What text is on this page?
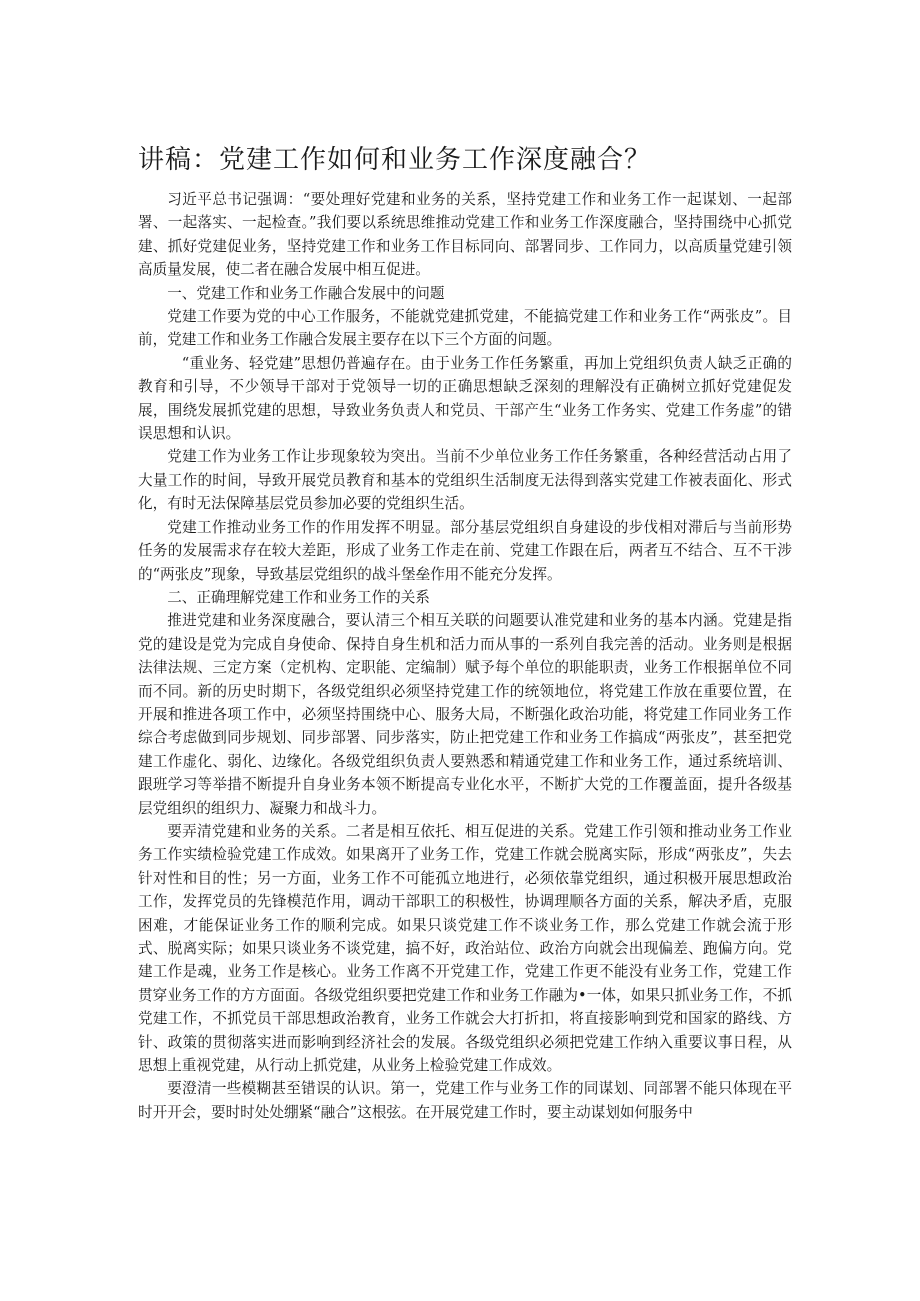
讲稿：党建工作如何和业务工作深度融合？

习近平总书记强调：“要处理好党建和业务的关系，坚持党建工作和业务工作一起谋划、一起部署、一起落实、一起检查。”我们要以系统思维推动党建工作和业务工作深度融合，坚持围绕中心抓党建、抓好党建促业务，坚持党建工作和业务工作目标同向、部署同步、工作同力，以高质量党建引领高质量发展，使二者在融合发展中相互促进。

一、党建工作和业务工作融合发展中的问题

党建工作要为党的中心工作服务，不能就党建抓党建，不能搞党建工作和业务工作“两张皮”。目前，党建工作和业务工作融合发展主要存在以下三个方面的问题。

“重业务、轻党建”思想仍普遍存在。由于业务工作任务繁重，再加上党组织负责人缺乏正确的教育和引导，不少领导干部对于党领导一切的正确思想缺乏深刻的理解没有正确树立抓好党建促发展，围绕发展抓党建的思想，导致业务负责人和党员、干部产生“业务工作务实、党建工作务虚”的错误思想和认识。

党建工作为业务工作让步现象较为突出。当前不少单位业务工作任务繁重，各种经营活动占用了大量工作的时间，导致开展党员教育和基本的党组织生活制度无法得到落实党建工作被表面化、形式化，有时无法保障基层党员参加必要的党组织生活。

党建工作推动业务工作的作用发挥不明显。部分基层党组织自身建设的步伐相对滞后与当前形势任务的发展需求存在较大差距，形成了业务工作走在前、党建工作跟在后，两者互不结合、互不干涉的“两张皮”现象，导致基层党组织的战斗堡垒作用不能充分发挥。

二、正确理解党建工作和业务工作的关系

推进党建和业务深度融合，要认清三个相互关联的问题要认准党建和业务的基本内涵。党建是指党的建设是党为完成自身使命、保持自身生机和活力而从事的一系列自我完善的活动。业务则是根据法律法规、三定方案（定机构、定职能、定编制）赋予每个单位的职能职责，业务工作根据单位不同而不同。新的历史时期下，各级党组织必须坚持党建工作的统领地位，将党建工作放在重要位置，在开展和推进各项工作中，必须坚持围绕中心、服务大局，不断强化政治功能，将党建工作同业务工作综合考虑做到同步规划、同步部署、同步落实，防止把党建工作和业务工作搞成“两张皮”，甚至把党建工作虚化、弱化、边缘化。各级党组织负责人要熟悉和精通党建工作和业务工作，通过系统培训、跟班学习等举措不断提升自身业务本领不断提高专业化水平，不断扩大党的工作覆盖面，提升各级基层党组织的组织力、凝聚力和战斗力。

要弄清党建和业务的关系。二者是相互依托、相互促进的关系。党建工作引领和推动业务工作业务工作实绩检验党建工作成效。如果离开了业务工作，党建工作就会脱离实际，形成“两张皮”，失去针对性和目的性；另一方面，业务工作不可能孤立地进行，必须依靠党组织，通过积极开展思想政治工作，发挥党员的先锋模范作用，调动干部职工的积极性，协调理顺各方面的关系，解决矛盾，克服困难，才能保证业务工作的顺利完成。如果只谈党建工作不谈业务工作，那么党建工作就会流于形式、脱离实际；如果只谈业务不谈党建，搞不好，政治站位、政治方向就会出现偏差、跑偏方向。党建工作是魂，业务工作是核心。业务工作离不开党建工作，党建工作更不能没有业务工作，党建工作贯穿业务工作的方方面面。各级党组织要把党建工作和业务工作融为•一体，如果只抓业务工作，不抓党建工作，不抓党员干部思想政治教育，业务工作就会大打折扣，将直接影响到党和国家的路线、方针、政策的贯彻落实进而影响到经济社会的发展。各级党组织必须把党建工作纳入重要议事日程，从思想上重视党建，从行动上抓党建，从业务上检验党建工作成效。

要澄清一些模糊甚至错误的认识。第一，党建工作与业务工作的同谋划、同部署不能只体现在平时开开会，要时时处处绷紧“融合”这根弦。在开展党建工作时，要主动谋划如何服务中
